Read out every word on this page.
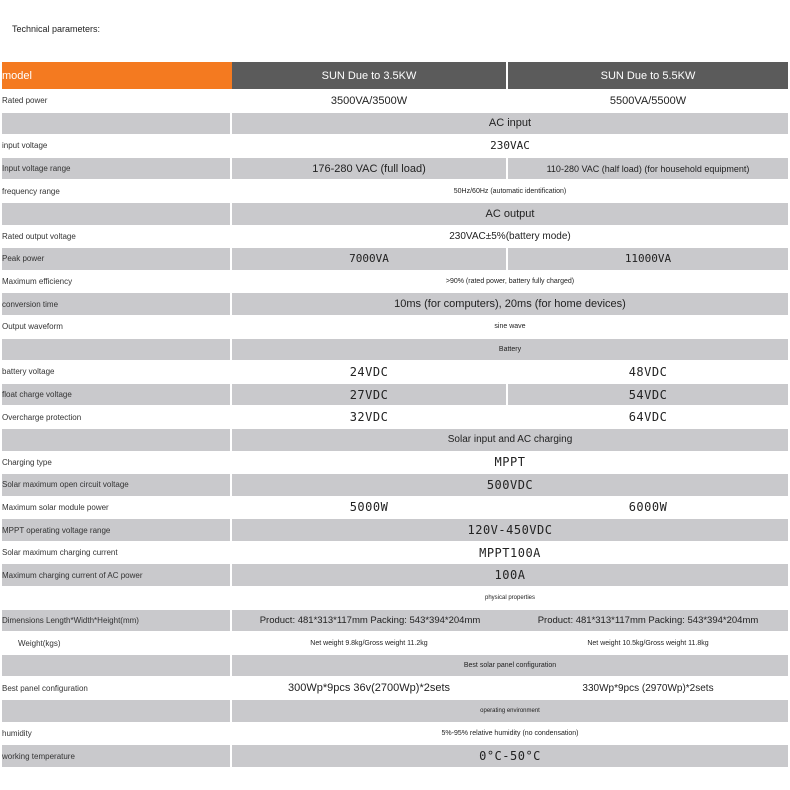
Technical parameters:
model	SUN Due to 3.5KW	SUN Due to 5.5KW
Rated power	3500VA/3500W	5500VA/5500W
	AC input	
input voltage	230VAC	
Input voltage range	176-280 VAC (full load)	110-280 VAC (half load) (for household equipment)
frequency range	50Hz/60Hz (automatic identification)	
	AC output	
Rated output voltage	230VAC±5%(battery mode)	
Peak power	7000VA	11000VA
Maximum efficiency	>90% (rated power, battery fully charged)	
conversion time	10ms (for computers), 20ms (for home devices)	
Output waveform	sine wave	
	Battery	
battery voltage	24VDC	48VDC
float charge voltage	27VDC	54VDC
Overcharge protection	32VDC	64VDC
	Solar input and AC charging	
Charging type	MPPT	
Solar maximum open circuit voltage	500VDC	
Maximum solar module power	5000W	6000W
MPPT operating voltage range	120V-450VDC	
Solar maximum charging current	MPPT100A	
Maximum charging current of AC power	100A	
	physical properties	
Dimensions Length*Width*Height(mm)	Product: 481*313*117mm Packing: 543*394*204mm	Product: 481*313*117mm Packing: 543*394*204mm
Weight(kgs)	Net weight 9.8kg/Gross weight 11.2kg	Net weight 10.5kg/Gross weight 11.8kg
	Best solar panel configuration	
Best panel configuration	300Wp*9pcs 36v(2700Wp)*2sets	330Wp*9pcs (2970Wp)*2sets
	operating environment	
humidity	5%-95% relative humidity (no condensation)	
working temperature	0°C-50°C	
